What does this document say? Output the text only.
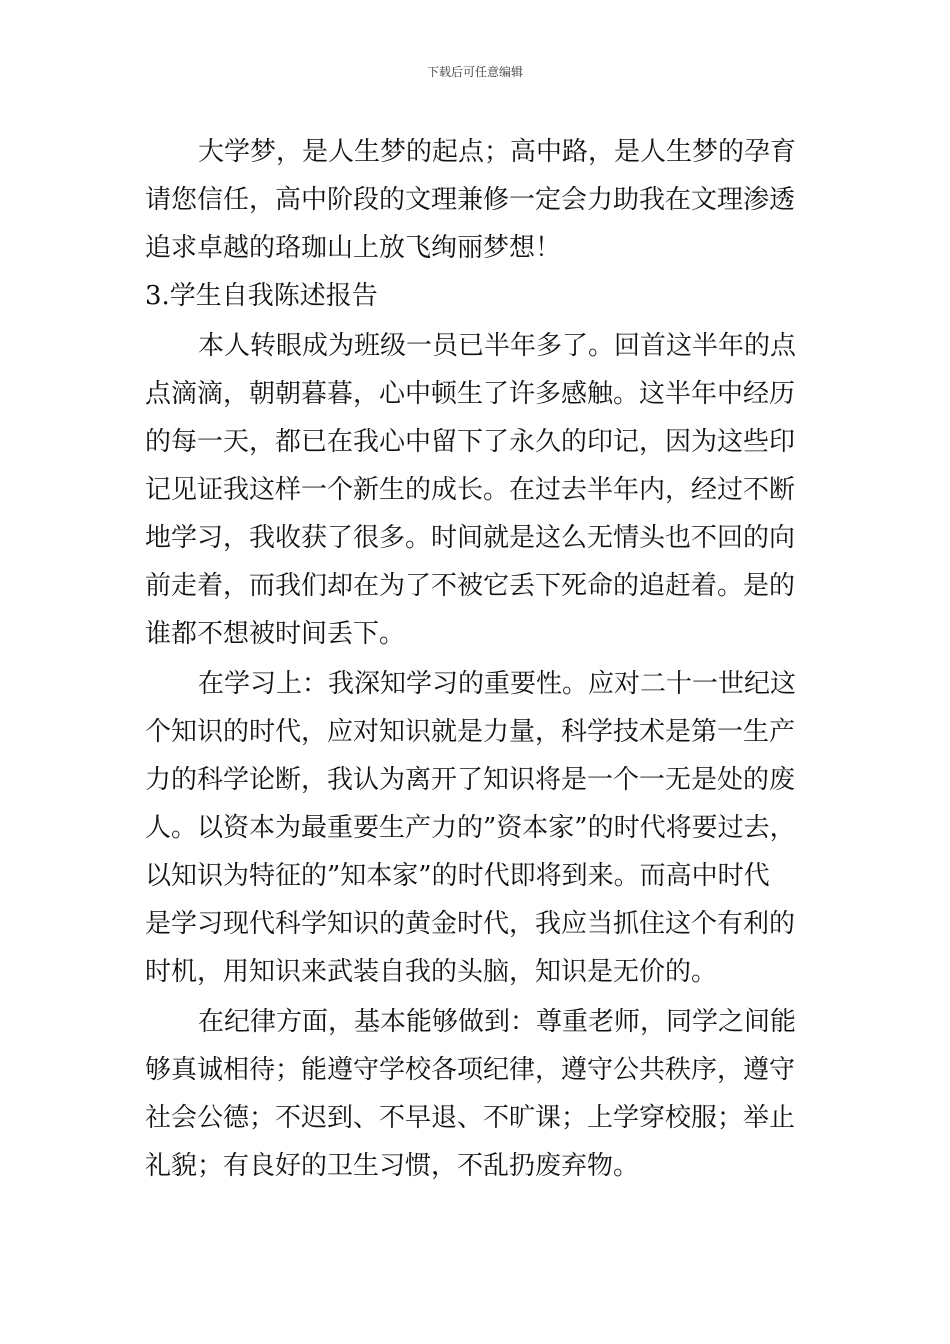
下载后可任意编辑
大学梦，是人生梦的起点；高中路，是人生梦的孕育
请您信任，高中阶段的文理兼修一定会力助我在文理渗透
追求卓越的珞珈山上放飞绚丽梦想！
3.学生自我陈述报告
本人转眼成为班级一员已半年多了。回首这半年的点
点滴滴，朝朝暮暮，心中顿生了许多感触。这半年中经历
的每一天，都已在我心中留下了永久的印记，因为这些印
记见证我这样一个新生的成长。在过去半年内，经过不断
地学习，我收获了很多。时间就是这么无情头也不回的向
前走着，而我们却在为了不被它丢下死命的追赶着。是的
谁都不想被时间丢下。
在学习上：我深知学习的重要性。应对二十一世纪这
个知识的时代，应对知识就是力量，科学技术是第一生产
力的科学论断，我认为离开了知识将是一个一无是处的废
人。以资本为最重要生产力的”资本家”的时代将要过去，
以知识为特征的”知本家”的时代即将到来。而高中时代
是学习现代科学知识的黄金时代，我应当抓住这个有利的
时机，用知识来武装自我的头脑，知识是无价的。
在纪律方面，基本能够做到：尊重老师，同学之间能
够真诚相待；能遵守学校各项纪律，遵守公共秩序，遵守
社会公德；不迟到、不早退、不旷课；上学穿校服；举止
礼貌；有良好的卫生习惯，不乱扔废弃物。
